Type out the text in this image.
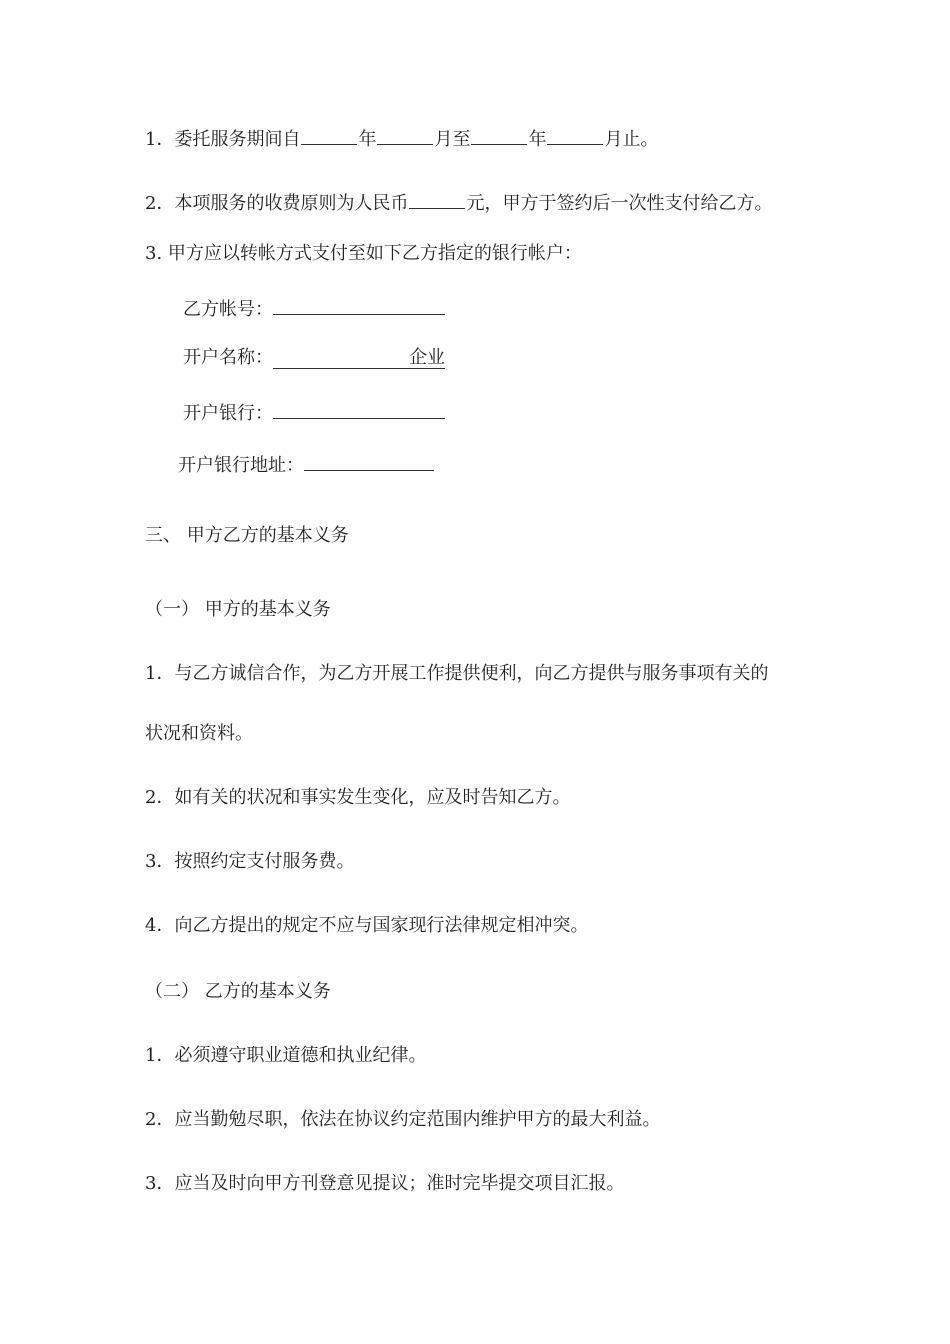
1．委托服务期间自	年	月至	年	月止。
2．本项服务的收费原则为人民币	元，甲方于签约后一次性支付给乙方。
3. 甲方应以转帐方式支付至如下乙方指定的银行帐户：
乙方帐号：
开户名称：	企业
开户银行：
开户银行地址：
三、 甲方乙方的基本义务
（一） 甲方的基本义务
1．与乙方诚信合作，为乙方开展工作提供便利，向乙方提供与服务事项有关的
状况和资料。
2．如有关的状况和事实发生变化，应及时告知乙方。
3．按照约定支付服务费。
4．向乙方提出的规定不应与国家现行法律规定相冲突。
（二） 乙方的基本义务
1．必须遵守职业道德和执业纪律。
2．应当勤勉尽职，依法在协议约定范围内维护甲方的最大利益。
3．应当及时向甲方刊登意见提议；准时完毕提交项目汇报。
